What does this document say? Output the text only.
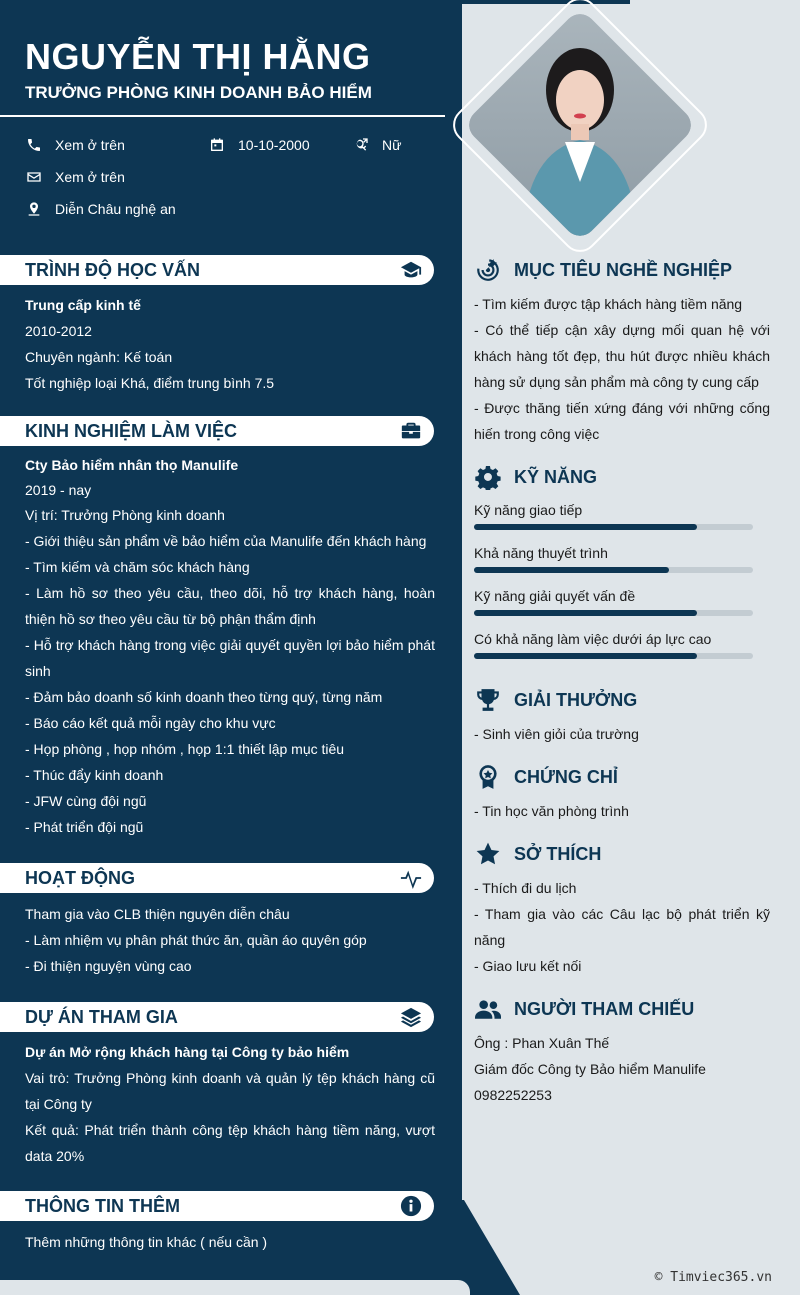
NGUYỄN THỊ HẰNG
TRƯỞNG PHÒNG KINH DOANH BẢO HIỂM
Xem ở trên	10-10-2000	Nữ
Xem ở trên
Diễn Châu nghệ an
TRÌNH ĐỘ HỌC VẤN
Trung cấp kinh tế
2010-2012
Chuyên ngành: Kế toán
Tốt nghiệp loại Khá, điểm trung bình 7.5
KINH NGHIỆM LÀM VIỆC
Cty Bảo hiểm nhân thọ Manulife
2019 - nay
Vị trí: Trưởng Phòng kinh doanh
- Giới thiệu sản phẩm về bảo hiểm của Manulife đến khách hàng
- Tìm kiếm và chăm sóc khách hàng
- Làm hồ sơ theo yêu cầu, theo dõi, hỗ trợ khách hàng, hoàn thiện hồ sơ theo yêu cầu từ bộ phận thẩm định
- Hỗ trợ khách hàng trong việc giải quyết quyền lợi bảo hiểm phát sinh
- Đảm bảo doanh số kinh doanh theo từng quý, từng năm
- Báo cáo kết quả mỗi ngày cho khu vực
- Họp phòng , họp nhóm , họp 1:1 thiết lập mục tiêu
- Thúc đẩy kinh doanh
- JFW cùng đội ngũ
- Phát triển đội ngũ
HOẠT ĐỘNG
Tham gia vào CLB thiện nguyên diễn châu
- Làm nhiệm vụ phân phát thức ăn, quần áo quyên góp
- Đi thiện nguyện vùng cao
DỰ ÁN THAM GIA
Dự án Mở rộng khách hàng tại Công ty bảo hiểm
Vai trò: Trưởng Phòng kinh doanh và quản lý tệp khách hàng cũ tại Công ty
Kết quả: Phát triển thành công tệp khách hàng tiềm năng, vượt data 20%
THÔNG TIN THÊM
Thêm những thông tin khác ( nếu cần )
MỤC TIÊU NGHỀ NGHIỆP
- Tìm kiếm được tập khách hàng tiềm năng
- Có thể tiếp cận xây dựng mối quan hệ với khách hàng tốt đẹp, thu hút được nhiều khách hàng sử dụng sản phẩm mà công ty cung cấp
- Được thăng tiến xứng đáng với những cống hiến trong công việc
KỸ NĂNG
Kỹ năng giao tiếp
Khả năng thuyết trình
Kỹ năng giải quyết vấn đề
Có khả năng làm việc dưới áp lực cao
GIẢI THƯỞNG
- Sinh viên giỏi của trường
CHỨNG CHỈ
- Tin học văn phòng trình
SỞ THÍCH
- Thích đi du lịch
- Tham gia vào các Câu lạc bộ phát triển kỹ năng
- Giao lưu kết nối
NGƯỜI THAM CHIẾU
Ông : Phan Xuân Thế
Giám đốc Công ty Bảo hiểm Manulife
0982252253
© Timviec365.vn
